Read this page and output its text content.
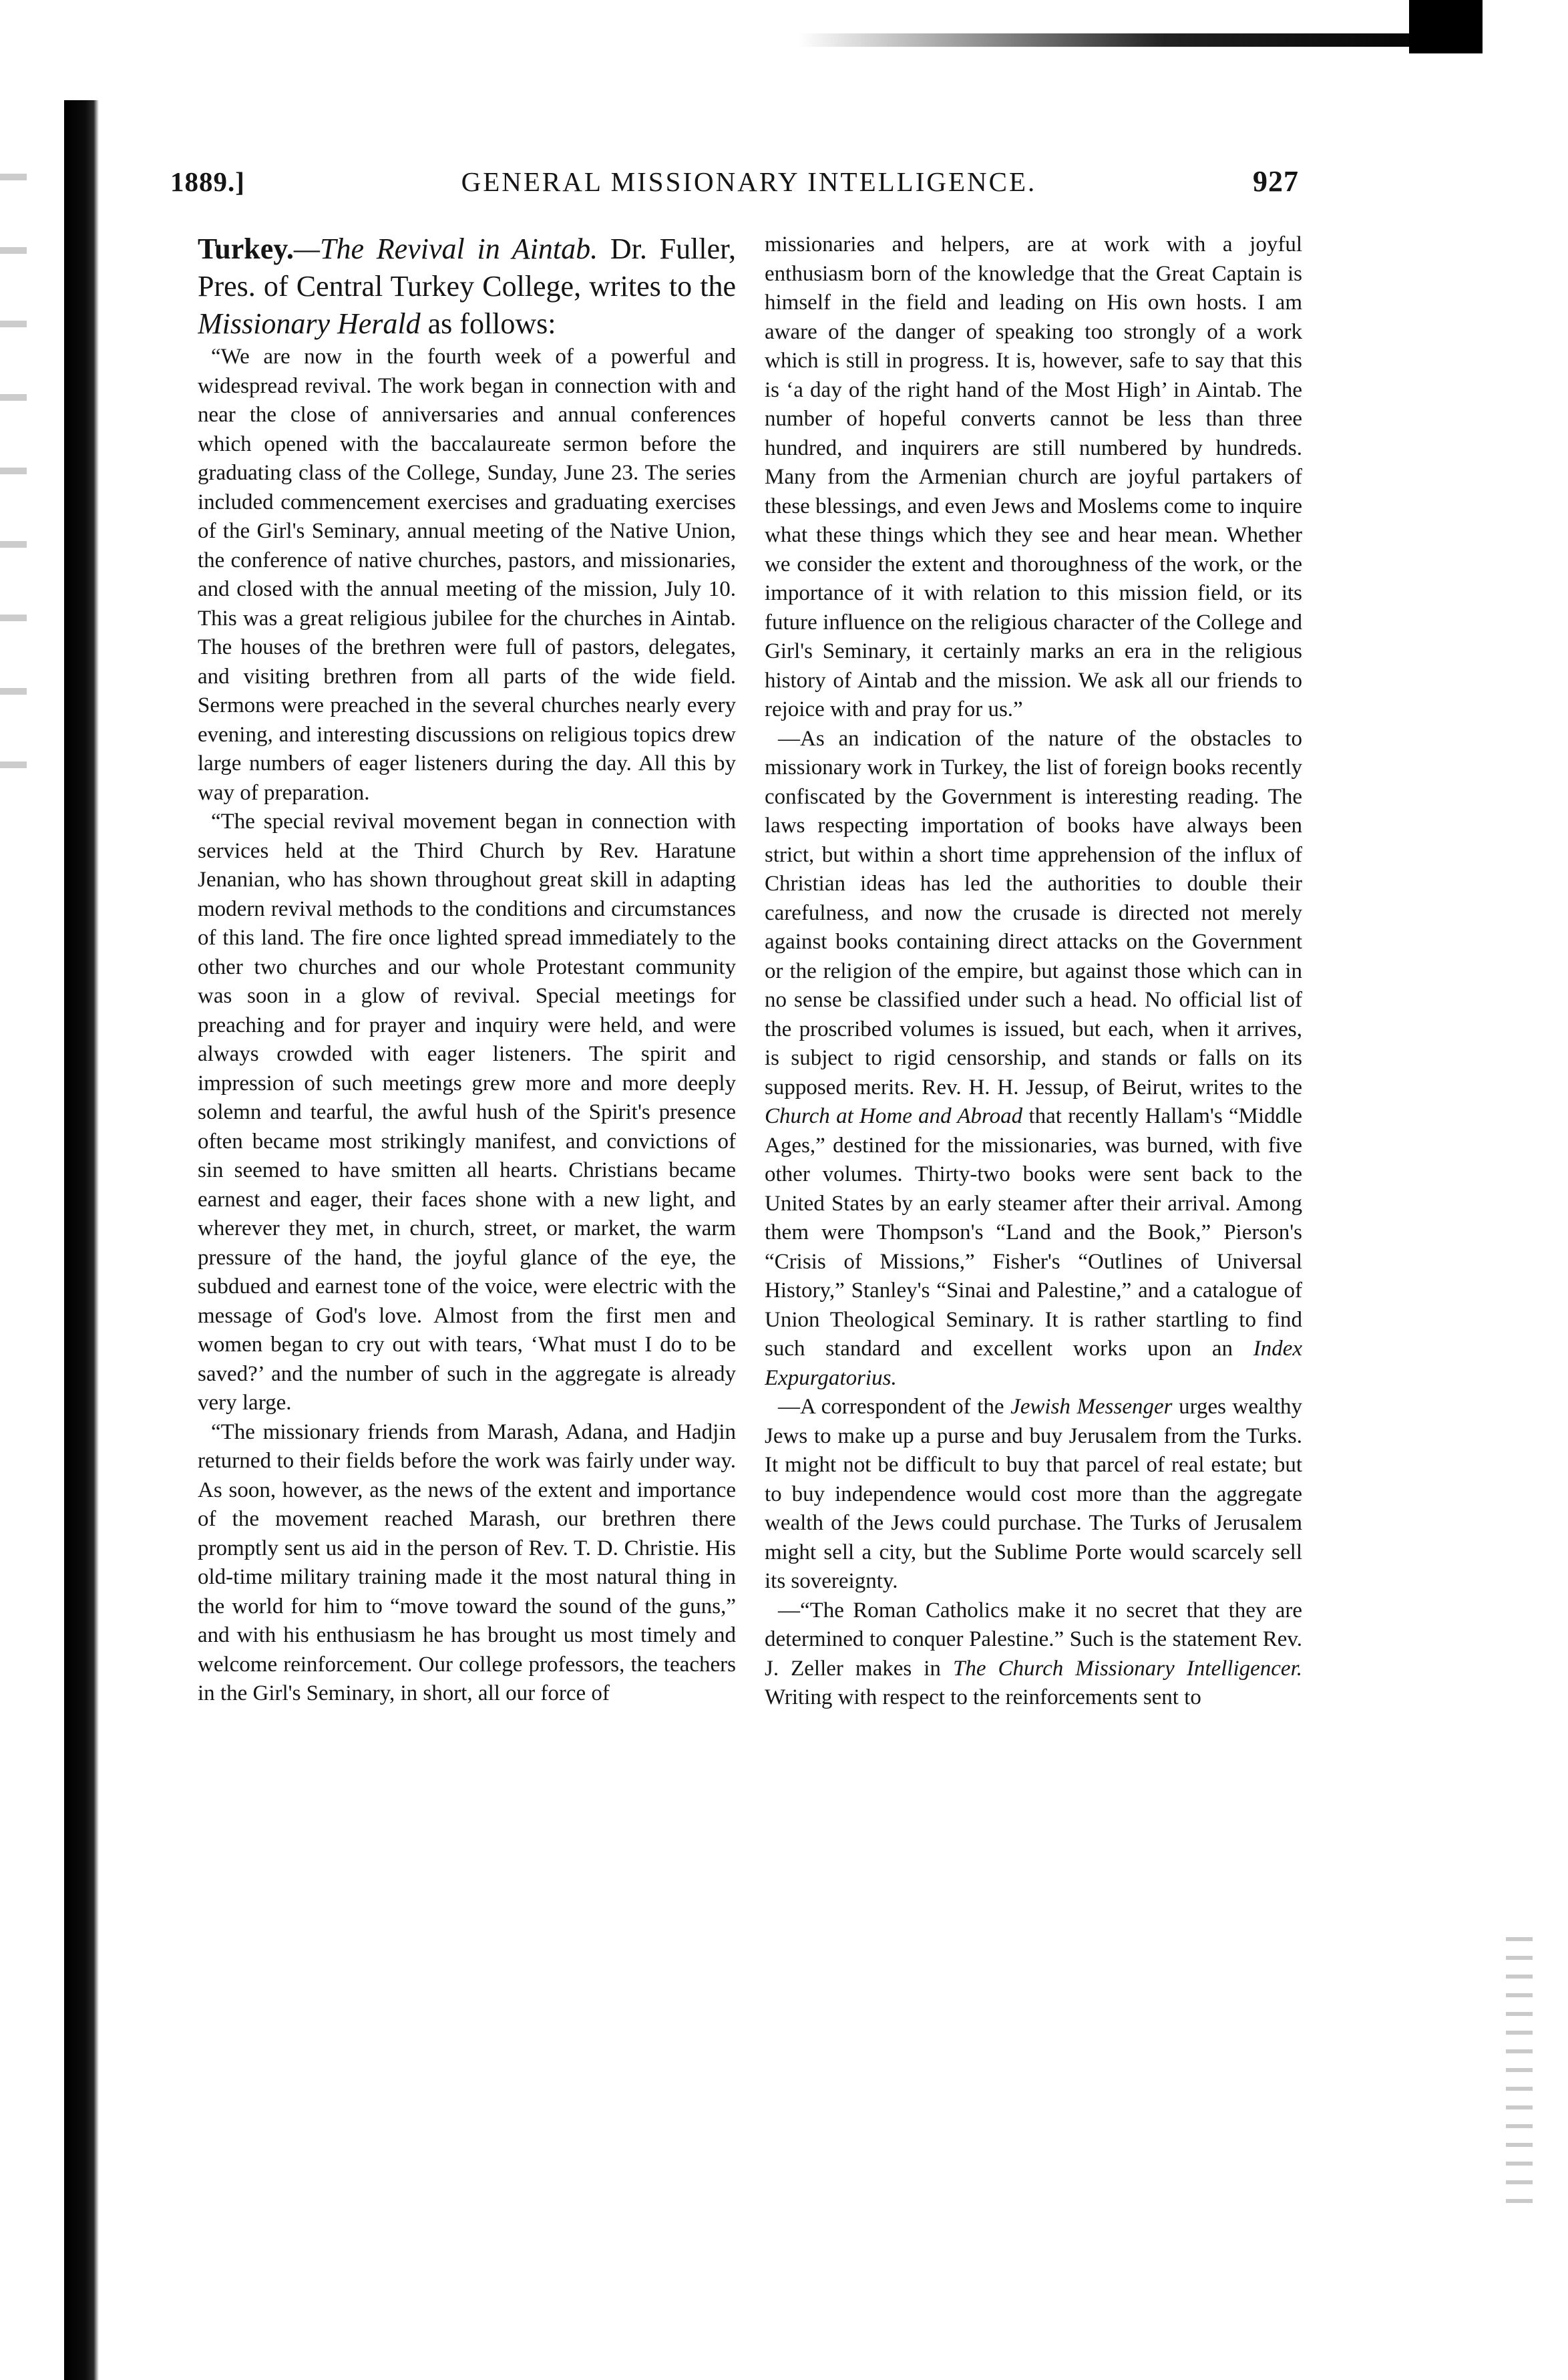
1889.]	GENERAL MISSIONARY INTELLIGENCE.	927

Turkey.—The Revival in Aintab. Dr. Fuller, Pres. of Central Turkey College, writes to the Missionary Herald as follows:

“We are now in the fourth week of a powerful and widespread revival. The work began in connection with and near the close of anniversaries and annual conferences which opened with the baccalaureate sermon before the graduating class of the College, Sunday, June 23. The series included commencement exercises and graduating exercises of the Girl's Seminary, annual meeting of the Native Union, the conference of native churches, pastors, and missionaries, and closed with the annual meeting of the mission, July 10. This was a great religious jubilee for the churches in Aintab. The houses of the brethren were full of pastors, delegates, and visiting brethren from all parts of the wide field. Sermons were preached in the several churches nearly every evening, and interesting discussions on religious topics drew large numbers of eager listeners during the day. All this by way of preparation.

“The special revival movement began in connection with services held at the Third Church by Rev. Haratune Jenanian, who has shown throughout great skill in adapting modern revival methods to the conditions and circumstances of this land. The fire once lighted spread immediately to the other two churches and our whole Protestant community was soon in a glow of revival. Special meetings for preaching and for prayer and inquiry were held, and were always crowded with eager listeners. The spirit and impression of such meetings grew more and more deeply solemn and tearful, the awful hush of the Spirit's presence often became most strikingly manifest, and convictions of sin seemed to have smitten all hearts. Christians became earnest and eager, their faces shone with a new light, and wherever they met, in church, street, or market, the warm pressure of the hand, the joyful glance of the eye, the subdued and earnest tone of the voice, were electric with the message of God's love. Almost from the first men and women began to cry out with tears, ‘What must I do to be saved?’ and the number of such in the aggregate is already very large.

“The missionary friends from Marash, Adana, and Hadjin returned to their fields before the work was fairly under way. As soon, however, as the news of the extent and importance of the movement reached Marash, our brethren there promptly sent us aid in the person of Rev. T. D. Christie. His old-time military training made it the most natural thing in the world for him to “move toward the sound of the guns,” and with his enthusiasm he has brought us most timely and welcome reinforcement. Our college professors, the teachers in the Girl's Seminary, in short, all our force of

missionaries and helpers, are at work with a joyful enthusiasm born of the knowledge that the Great Captain is himself in the field and leading on His own hosts. I am aware of the danger of speaking too strongly of a work which is still in progress. It is, however, safe to say that this is ‘a day of the right hand of the Most High’ in Aintab. The number of hopeful converts cannot be less than three hundred, and inquirers are still numbered by hundreds. Many from the Armenian church are joyful partakers of these blessings, and even Jews and Moslems come to inquire what these things which they see and hear mean. Whether we consider the extent and thoroughness of the work, or the importance of it with relation to this mission field, or its future influence on the religious character of the College and Girl's Seminary, it certainly marks an era in the religious history of Aintab and the mission. We ask all our friends to rejoice with and pray for us.”

—As an indication of the nature of the obstacles to missionary work in Turkey, the list of foreign books recently confiscated by the Government is interesting reading. The laws respecting importation of books have always been strict, but within a short time apprehension of the influx of Christian ideas has led the authorities to double their carefulness, and now the crusade is directed not merely against books containing direct attacks on the Government or the religion of the empire, but against those which can in no sense be classified under such a head. No official list of the proscribed volumes is issued, but each, when it arrives, is subject to rigid censorship, and stands or falls on its supposed merits. Rev. H. H. Jessup, of Beirut, writes to the Church at Home and Abroad that recently Hallam's “Middle Ages,” destined for the missionaries, was burned, with five other volumes. Thirty-two books were sent back to the United States by an early steamer after their arrival. Among them were Thompson's “Land and the Book,” Pierson's “Crisis of Missions,” Fisher's “Outlines of Universal History,” Stanley's “Sinai and Palestine,” and a catalogue of Union Theological Seminary. It is rather startling to find such standard and excellent works upon an Index Expurgatorius.

—A correspondent of the Jewish Messenger urges wealthy Jews to make up a purse and buy Jerusalem from the Turks. It might not be difficult to buy that parcel of real estate; but to buy independence would cost more than the aggregate wealth of the Jews could purchase. The Turks of Jerusalem might sell a city, but the Sublime Porte would scarcely sell its sovereignty.

—“The Roman Catholics make it no secret that they are determined to conquer Palestine.” Such is the statement Rev. J. Zeller makes in The Church Missionary Intelligencer. Writing with respect to the reinforcements sent to
